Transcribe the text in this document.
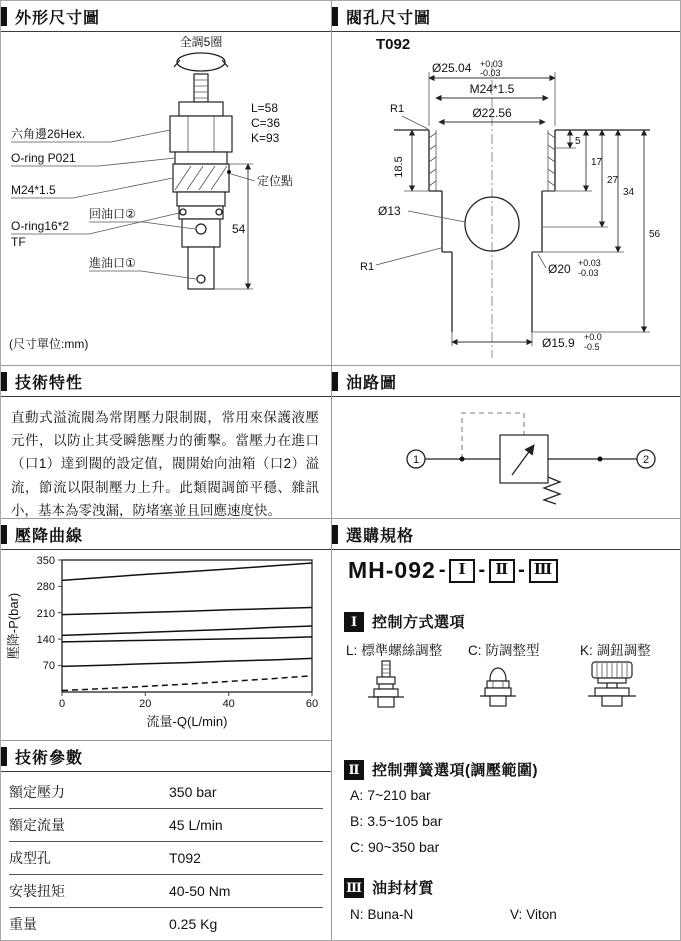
外形尺寸圖
全調5圈
L=58
C=36
K=93
定位點
54
六角邊26Hex.
O-ring P021
M24*1.5
回油口②
O-ring16*2
TF
進油口①
(尺寸單位:mm)
閥孔尺寸圖
T092
Ø25.04 +0.03
-0.03
M24*1.5
Ø22.56
18.5
R1
Ø13
R1
5
17
27
34
56
Ø20 +0.03
-0.03
Ø15.9 +0.0
-0.5
技術特性

直動式溢流閥為常閉壓力限制閥，常用來保護液壓元件，以防止其受瞬態壓力的衝擊。當壓力在進口（口1）達到閥的設定值，閥開始向油箱（口2）溢流，節流以限制壓力上升。此類閥調節平穩、雜訊小，基本為零洩漏，防堵塞並且回應速度快。

油路圖
1	2
壓降曲線
70
140
210
280
350
0	20	40	60
壓降-P(bar)
流量-Q(L/min)
技術參數
額定壓力	350 bar
額定流量	45 L/min
成型孔	T092
安裝扭矩	40-50 Nm
重量	0.25 Kg
選購規格
MH-092 - Ⅰ - Ⅱ - Ⅲ
Ⅰ 控制方式選項
L: 標準螺絲調整 C: 防調整型	K: 調鈕調整
Ⅱ 控制彈簧選項(調壓範圍)
A: 7~210 bar
B: 3.5~105 bar
C: 90~350 bar
Ⅲ 油封材質
N: Buna-N	V: Viton
